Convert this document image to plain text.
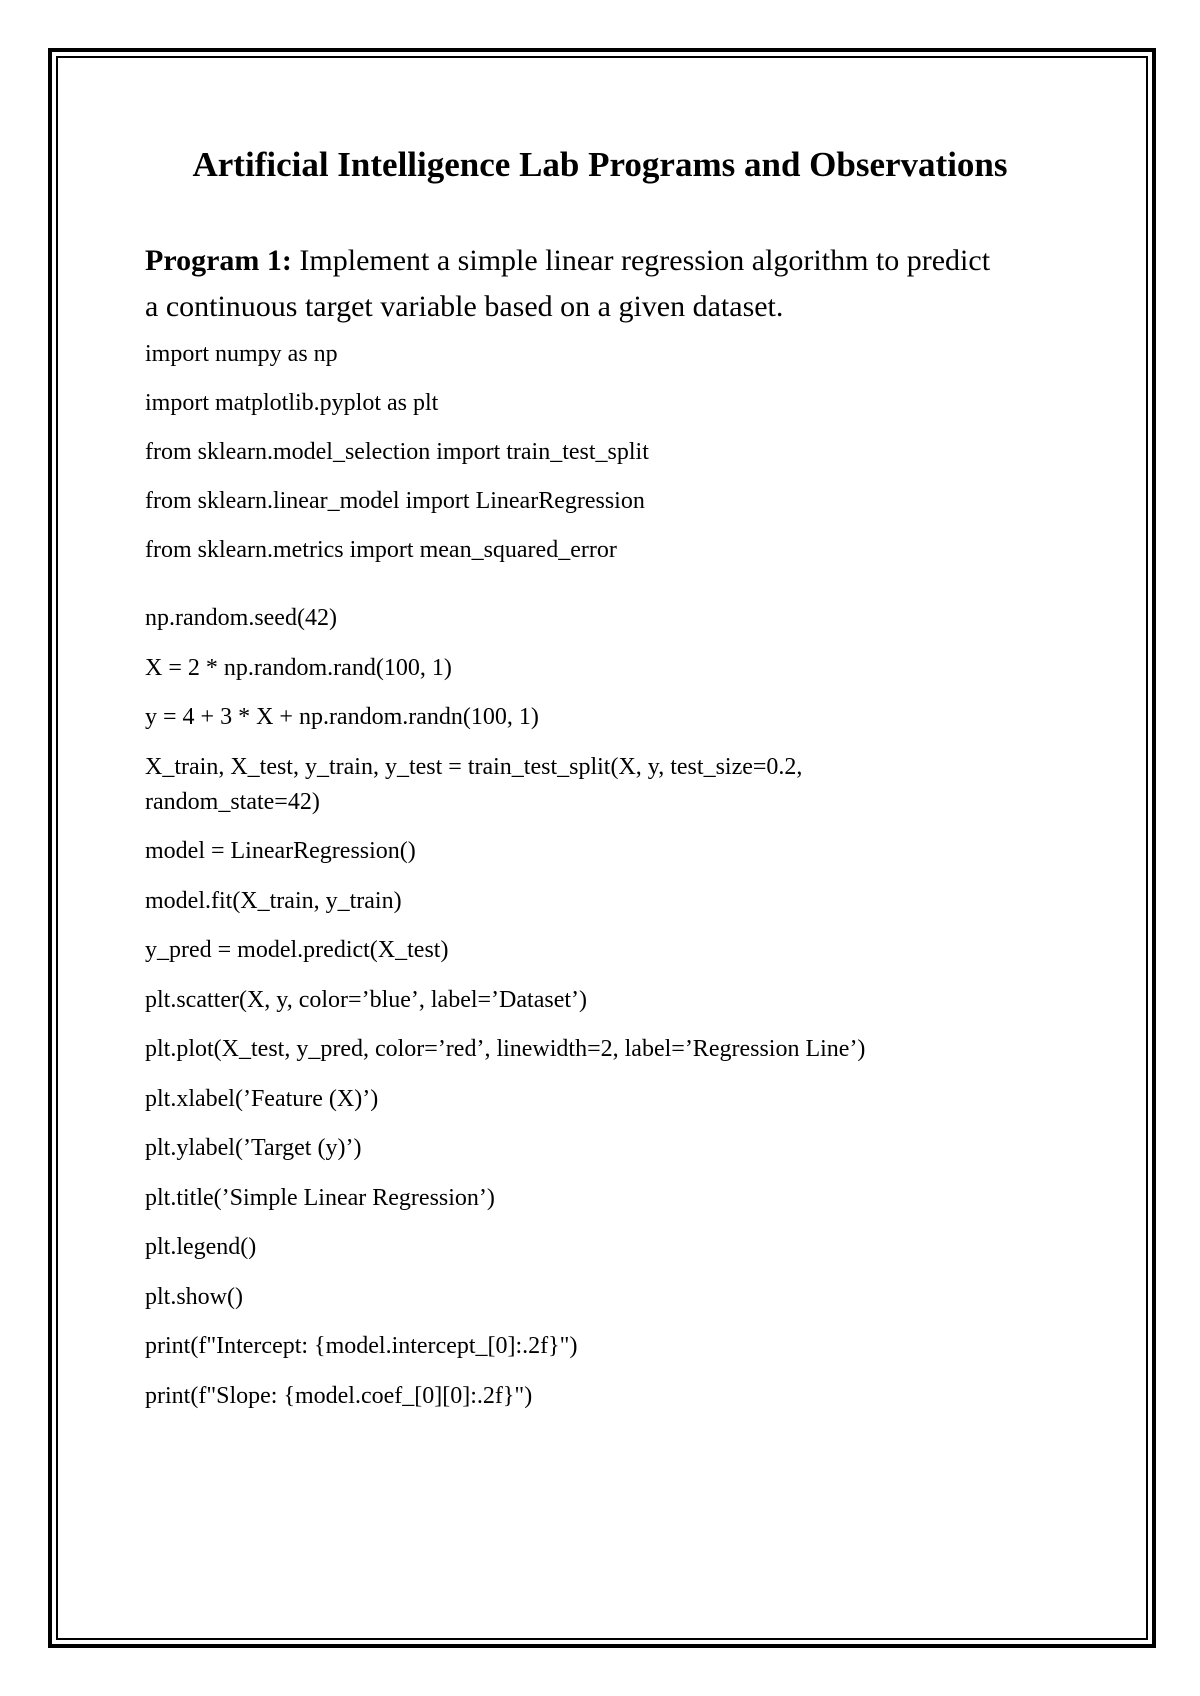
Artificial Intelligence Lab Programs and Observations

Program 1: Implement a simple linear regression algorithm to predict
a continuous target variable based on a given dataset.

import numpy as np

import matplotlib.pyplot as plt

from sklearn.model_selection import train_test_split

from sklearn.linear_model import LinearRegression

from sklearn.metrics import mean_squared_error

np.random.seed(42)

X = 2 * np.random.rand(100, 1)

y = 4 + 3 * X + np.random.randn(100, 1)

X_train, X_test, y_train, y_test = train_test_split(X, y, test_size=0.2,

random_state=42)

model = LinearRegression()

model.fit(X_train, y_train)

y_pred = model.predict(X_test)

plt.scatter(X, y, color=’blue’, label=’Dataset’)

plt.plot(X_test, y_pred, color=’red’, linewidth=2, label=’Regression Line’)

plt.xlabel(’Feature (X)’)

plt.ylabel(’Target (y)’)

plt.title(’Simple Linear Regression’)

plt.legend()

plt.show()

print(f"Intercept: {model.intercept_[0]:.2f}")

print(f"Slope: {model.coef_[0][0]:.2f}")
